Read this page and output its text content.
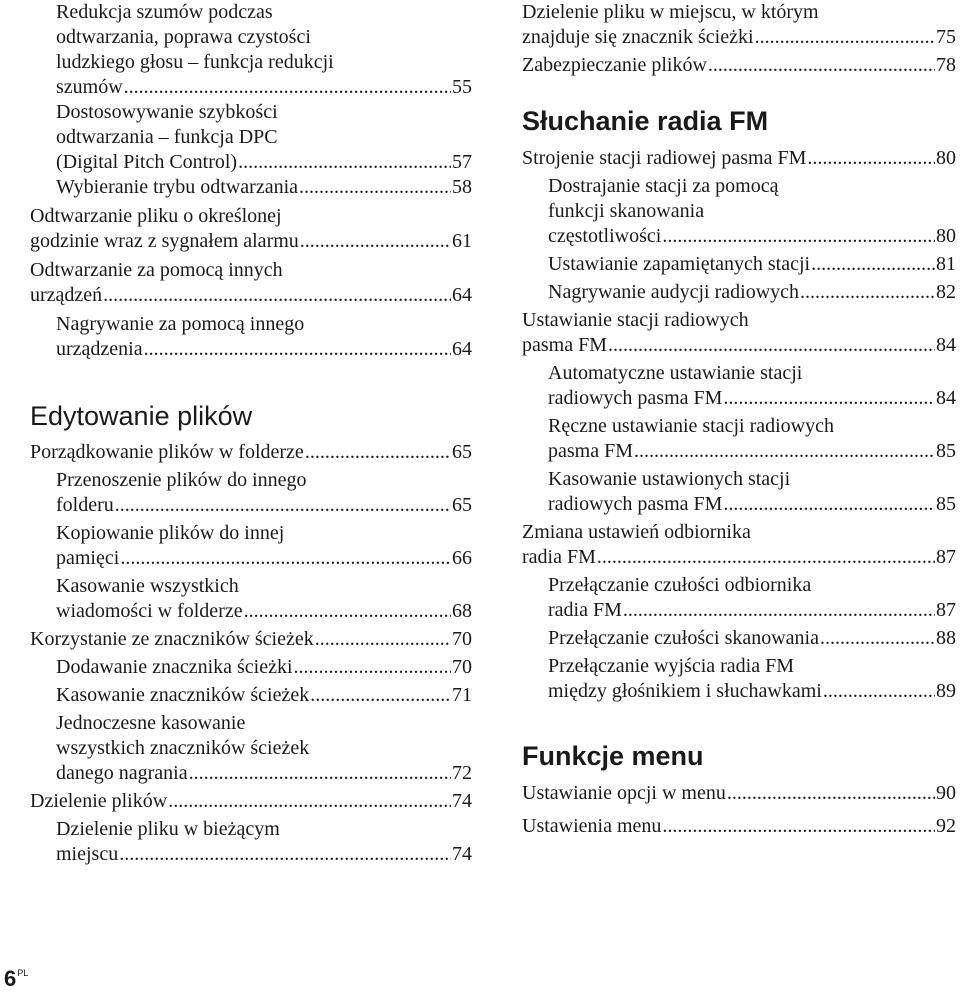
Redukcja szumów podczas
odtwarzania, poprawa czystości
ludzkiego głosu – funkcja redukcji
szumów .....	55
Dostosowywanie szybkości
odtwarzania – funkcja DPC
(Digital Pitch Control) .....	57
Wybieranie trybu odtwarzania .....	58
Odtwarzanie pliku o określonej
godzinie wraz z sygnałem alarmu .....	61
Odtwarzanie za pomocą innych
urządzeń .....	64
Nagrywanie za pomocą innego
urządzenia .....	64
Edytowanie plików
Porządkowanie plików w folderze .....	65
Przenoszenie plików do innego
folderu .....	65
Kopiowanie plików do innej
pamięci .....	66
Kasowanie wszystkich
wiadomości w folderze .....	68
Korzystanie ze znaczników ścieżek .....	70
Dodawanie znacznika ścieżki .....	70
Kasowanie znaczników ścieżek .....	71
Jednoczesne kasowanie
wszystkich znaczników ścieżek
danego nagrania .....	72
Dzielenie plików .....	74
Dzielenie pliku w bieżącym
miejscu .....	74
Dzielenie pliku w miejscu, w którym
znajduje się znacznik ścieżki .....	75
Zabezpieczanie plików .....	78
Słuchanie radia FM
Strojenie stacji radiowej pasma FM .....	80
Dostrajanie stacji za pomocą
funkcji skanowania
częstotliwości .....	80
Ustawianie zapamiętanych stacji .....	81
Nagrywanie audycji radiowych .....	82
Ustawianie stacji radiowych
pasma FM .....	84
Automatyczne ustawianie stacji
radiowych pasma FM .....	84
Ręczne ustawianie stacji radiowych
pasma FM .....	85
Kasowanie ustawionych stacji
radiowych pasma FM .....	85
Zmiana ustawień odbiornika
radia FM .....	87
Przełączanie czułości odbiornika
radia FM .....	87
Przełączanie czułości skanowania .....	88
Przełączanie wyjścia radia FM
między głośnikiem i słuchawkami .....	89
Funkcje menu
Ustawianie opcji w menu .....	90
Ustawienia menu .....	92
$6^{PL}$
